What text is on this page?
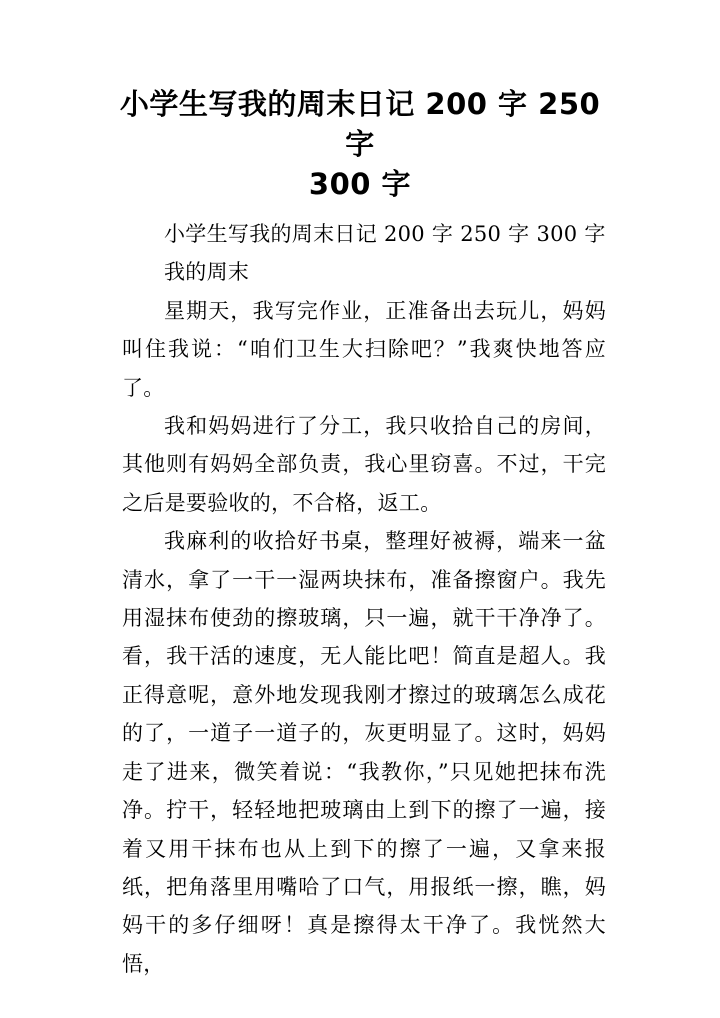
小学生写我的周末日记 200 字 250 字
300 字

小学生写我的周末日记 200 字 250 字 300 字

我的周末

星期天，我写完作业，正准备出去玩儿，妈妈叫住我说：“咱们卫生大扫除吧？”我爽快地答应了。

我和妈妈进行了分工，我只收拾自己的房间，其他则有妈妈全部负责，我心里窃喜。不过，干完之后是要验收的，不合格，返工。

我麻利的收拾好书桌，整理好被褥，端来一盆清水，拿了一干一湿两块抹布，准备擦窗户。我先用湿抹布使劲的擦玻璃，只一遍，就干干净净了。看，我干活的速度，无人能比吧！简直是超人。我正得意呢，意外地发现我刚才擦过的玻璃怎么成花的了，一道子一道子的，灰更明显了。这时，妈妈走了进来，微笑着说：“我教你，”只见她把抹布洗净。拧干，轻轻地把玻璃由上到下的擦了一遍，接着又用干抹布也从上到下的擦了一遍，又拿来报纸，把角落里用嘴哈了口气，用报纸一擦，瞧，妈妈干的多仔细呀！真是擦得太干净了。我恍然大悟，
